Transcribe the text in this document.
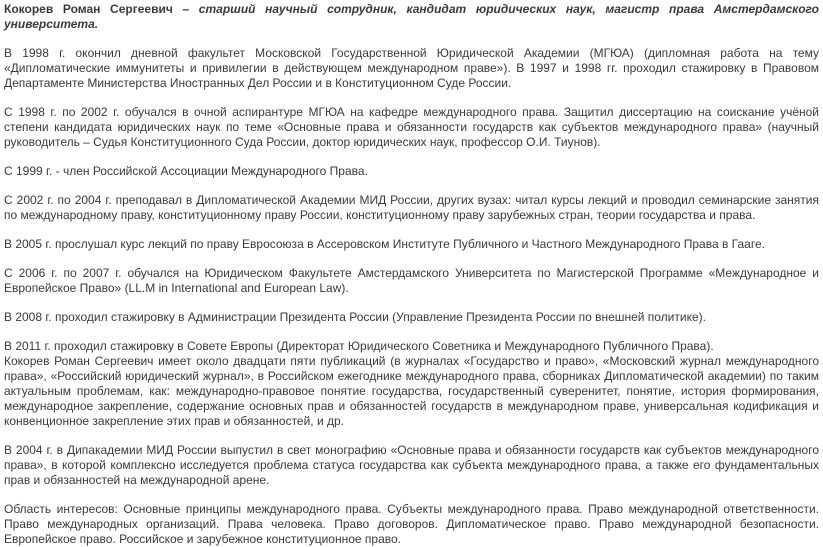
Кокорев Роман Сергеевич – старший научный сотрудник, кандидат юридических наук, магистр права Амстердамского университета.

В 1998 г. окончил дневной факультет Московской Государственной Юридической Академии (МГЮА) (дипломная работа на тему «Дипломатические иммунитеты и привилегии в действующем международном праве»). В 1997 и 1998 гг. проходил стажировку в Правовом Департаменте Министерства Иностранных Дел России и в Конституционном Суде России.

С 1998 г. по 2002 г. обучался в очной аспирантуре МГЮА на кафедре международного права. Защитил диссертацию на соискание учёной степени кандидата юридических наук по теме «Основные права и обязанности государств как субъектов международного права» (научный руководитель – Судья Конституционного Суда России, доктор юридических наук, профессор О.И. Тиунов).

С 1999 г. - член Российской Ассоциации Международного Права.

С 2002 г. по 2004 г. преподавал в Дипломатической Академии МИД России, других вузах: читал курсы лекций и проводил семинарские занятия по международному праву, конституционному праву России, конституционному праву зарубежных стран, теории государства и права.

В 2005 г. прослушал курс лекций по праву Евросоюза в Ассеровском Институте Публичного и Частного Международного Права в Гааге.

С 2006 г. по 2007 г. обучался на Юридическом Факультете Амстердамского Университета по Магистерской Программе «Международное и Европейское Право» (LL.M in International and European Law).

В 2008 г. проходил стажировку в Администрации Президента России (Управление Президента России по внешней политике).

В 2011 г. проходил стажировку в Совете Европы (Директорат Юридического Советника и Международного Публичного Права).

Кокорев Роман Сергеевич имеет около двадцати пяти публикаций (в журналах «Государство и право», «Московский журнал международного права», «Российский юридический журнал», в Российском ежегоднике международного права, сборниках Дипломатической академии) по таким актуальным проблемам, как: международно-правовое понятие государства, государственный суверенитет, понятие, история формирования, международное закрепление, содержание основных прав и обязанностей государств в международном праве, универсальная кодификация и конвенционное закрепление этих прав и обязанностей, и др.

В 2004 г. в Дипакадемии МИД России выпустил в свет монографию «Основные права и обязанности государств как субъектов международного права», в которой комплексно исследуется проблема статуса государства как субъекта международного права, а также его фундаментальных прав и обязанностей на международной арене.

Область интересов: Основные принципы международного права. Субъекты международного права. Право международной ответственности. Право международных организаций. Права человека. Право договоров. Дипломатическое право. Право международной безопасности. Европейское право. Российское и зарубежное конституционное право.
